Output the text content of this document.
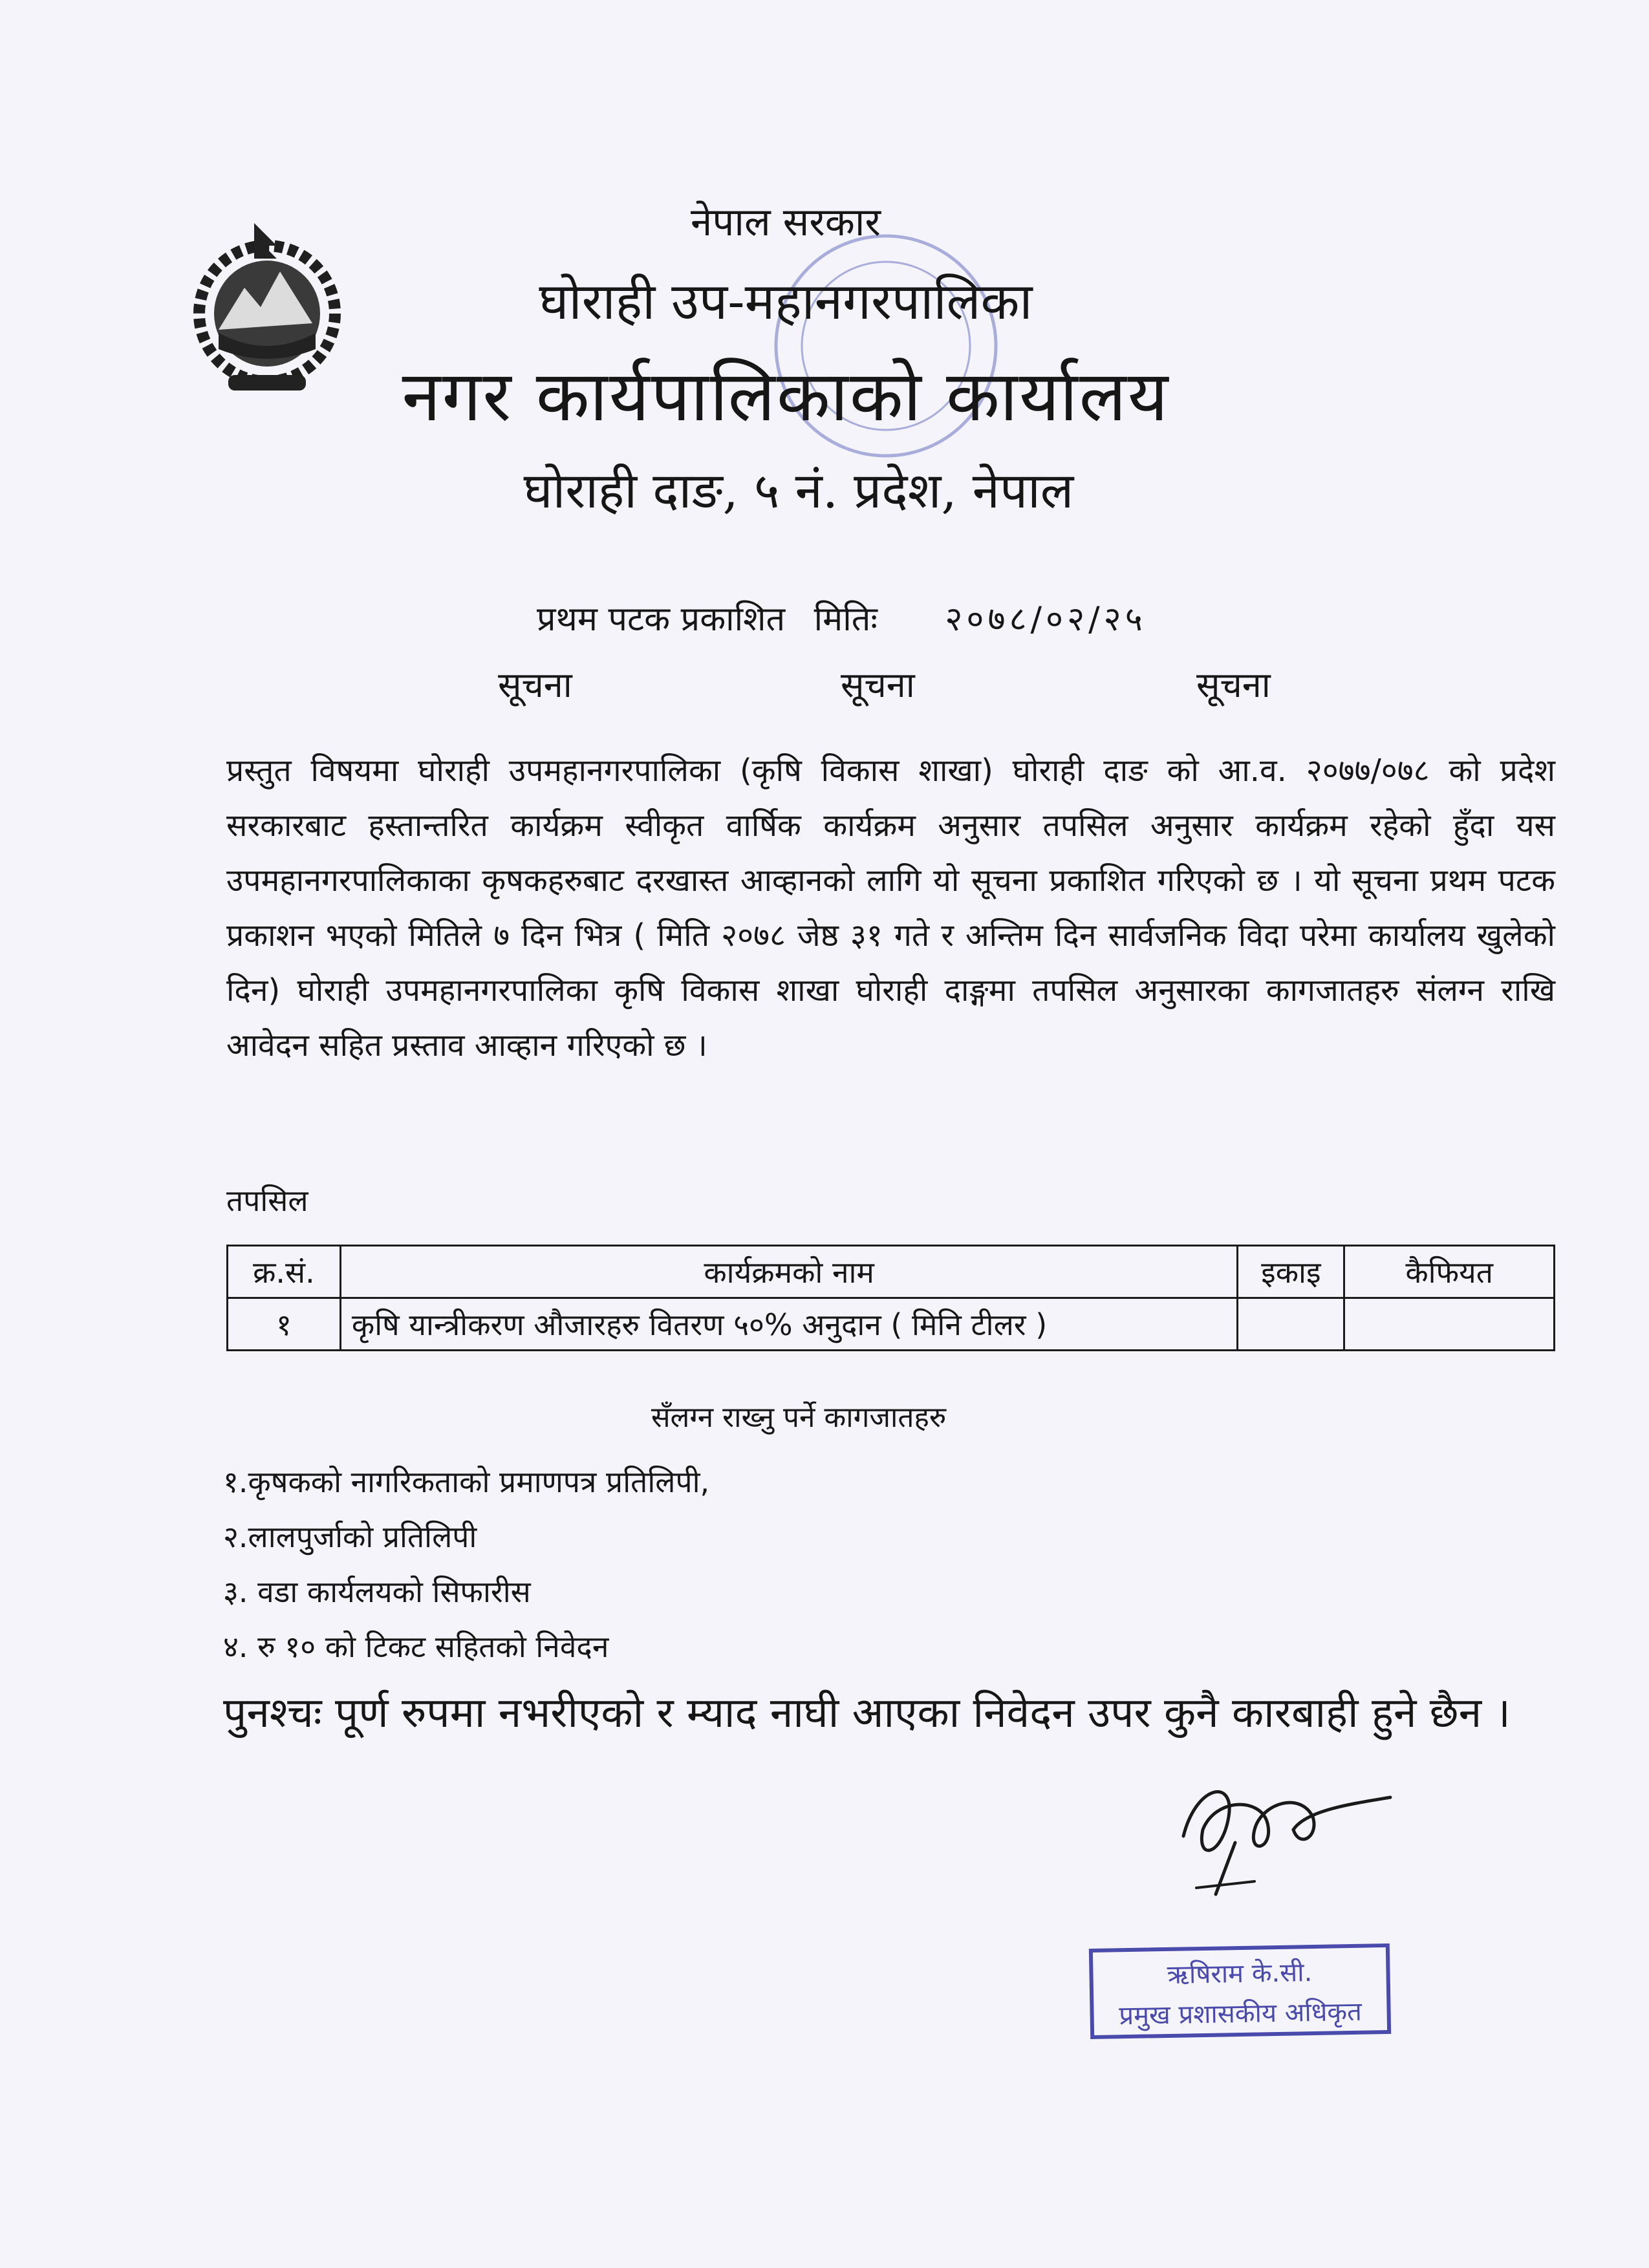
नेपाल सरकार
घोराही उप-महानगरपालिका
नगर कार्यपालिकाको कार्यालय
घोराही दाङ, ५ नं. प्रदेश, नेपाल
प्रथम पटक प्रकाशित मितिः २०७८/०२/२५
सूचना	सूचना	सूचना

प्रस्तुत विषयमा घोराही उपमहानगरपालिका (कृषि विकास शाखा) घोराही दाङ को आ.व. २०७७/०७८ को प्रदेश सरकारबाट हस्तान्तरित कार्यक्रम स्वीकृत वार्षिक कार्यक्रम अनुसार तपसिल अनुसार कार्यक्रम रहेको हुँदा यस उपमहानगरपालिकाका कृषकहरुबाट दरखास्त आव्हानको लागि यो सूचना प्रकाशित गरिएको छ । यो सूचना प्रथम पटक प्रकाशन भएको मितिले ७ दिन भित्र ( मिति २०७८ जेष्ठ ३१ गते र अन्तिम दिन सार्वजनिक विदा परेमा कार्यालय खुलेको दिन) घोराही उपमहानगरपालिका कृषि विकास शाखा घोराही दाङ्गमा तपसिल अनुसारका कागजातहरु संलग्न राखि आवेदन सहित प्रस्ताव आव्हान गरिएको छ ।

तपसिल
क्र.सं.	कार्यक्रमको नाम	इकाइ	कैफियत
१	कृषि यान्त्रीकरण औजारहरु वितरण ५०% अनुदान ( मिनि टीलर )		
सँलग्न राख्नु पर्ने कागजातहरु
१.कृषकको नागरिकताको प्रमाणपत्र प्रतिलिपी,
२.लालपुर्जाको प्रतिलिपी
३. वडा कार्यलयको सिफारीस
४. रु १० को टिकट सहितको निवेदन

पुनश्चः पूर्ण रुपमा नभरीएको र म्याद नाघी आएका निवेदन उपर कुनै कारबाही हुने छैन ।

ऋषिराम के.सी.
प्रमुख प्रशासकीय अधिकृत
